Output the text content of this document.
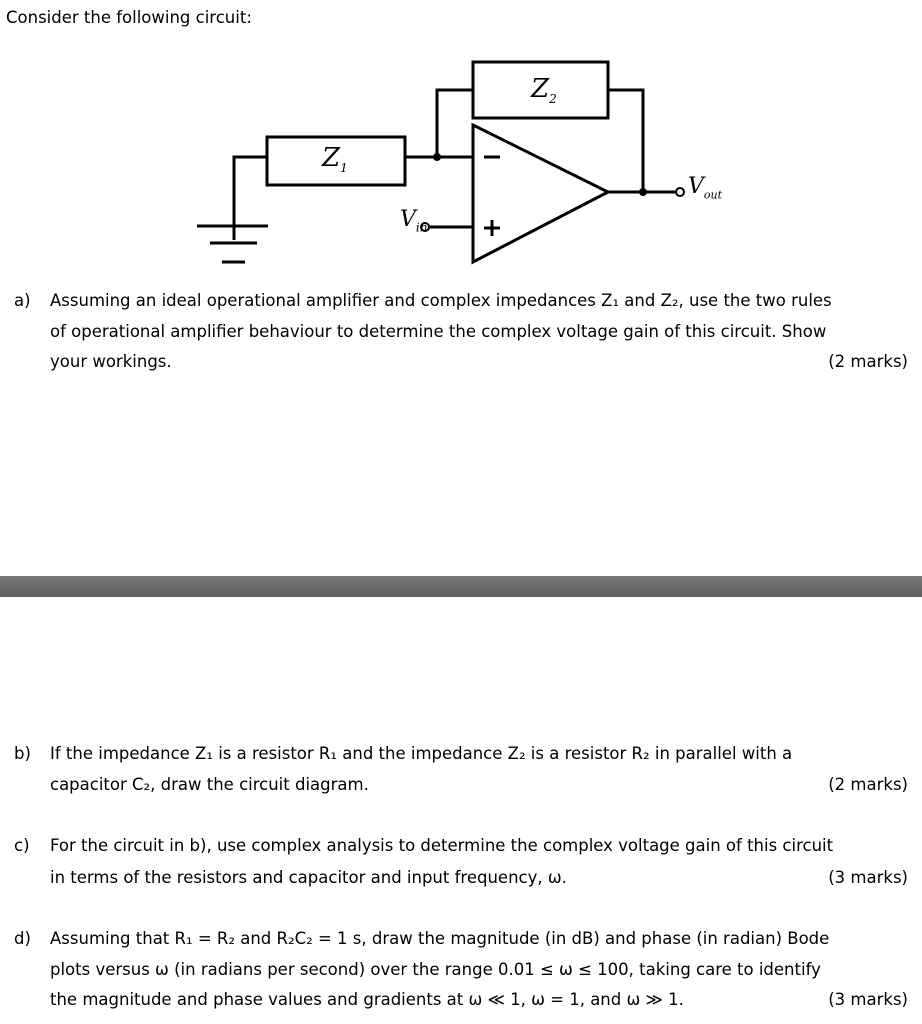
Consider the following circuit:
$Z_2$
$Z_1$
$V_{in}$
$V_{out}$
a) Assuming an ideal operational amplifier and complex impedances Z₁ and Z₂, use the two rules
of operational amplifier behaviour to determine the complex voltage gain of this circuit. Show
your workings.	(2 marks)
b) If the impedance Z₁ is a resistor R₁ and the impedance Z₂ is a resistor R₂ in parallel with a
capacitor C₂, draw the circuit diagram.	(2 marks)
c) For the circuit in b), use complex analysis to determine the complex voltage gain of this circuit
in terms of the resistors and capacitor and input frequency, ω.	(3 marks)
d) Assuming that R₁ = R₂ and R₂C₂ = 1 s, draw the magnitude (in dB) and phase (in radian) Bode
plots versus ω (in radians per second) over the range 0.01 ≤ ω ≤ 100, taking care to identify
the magnitude and phase values and gradients at ω ≪ 1, ω = 1, and ω ≫ 1.	(3 marks)
